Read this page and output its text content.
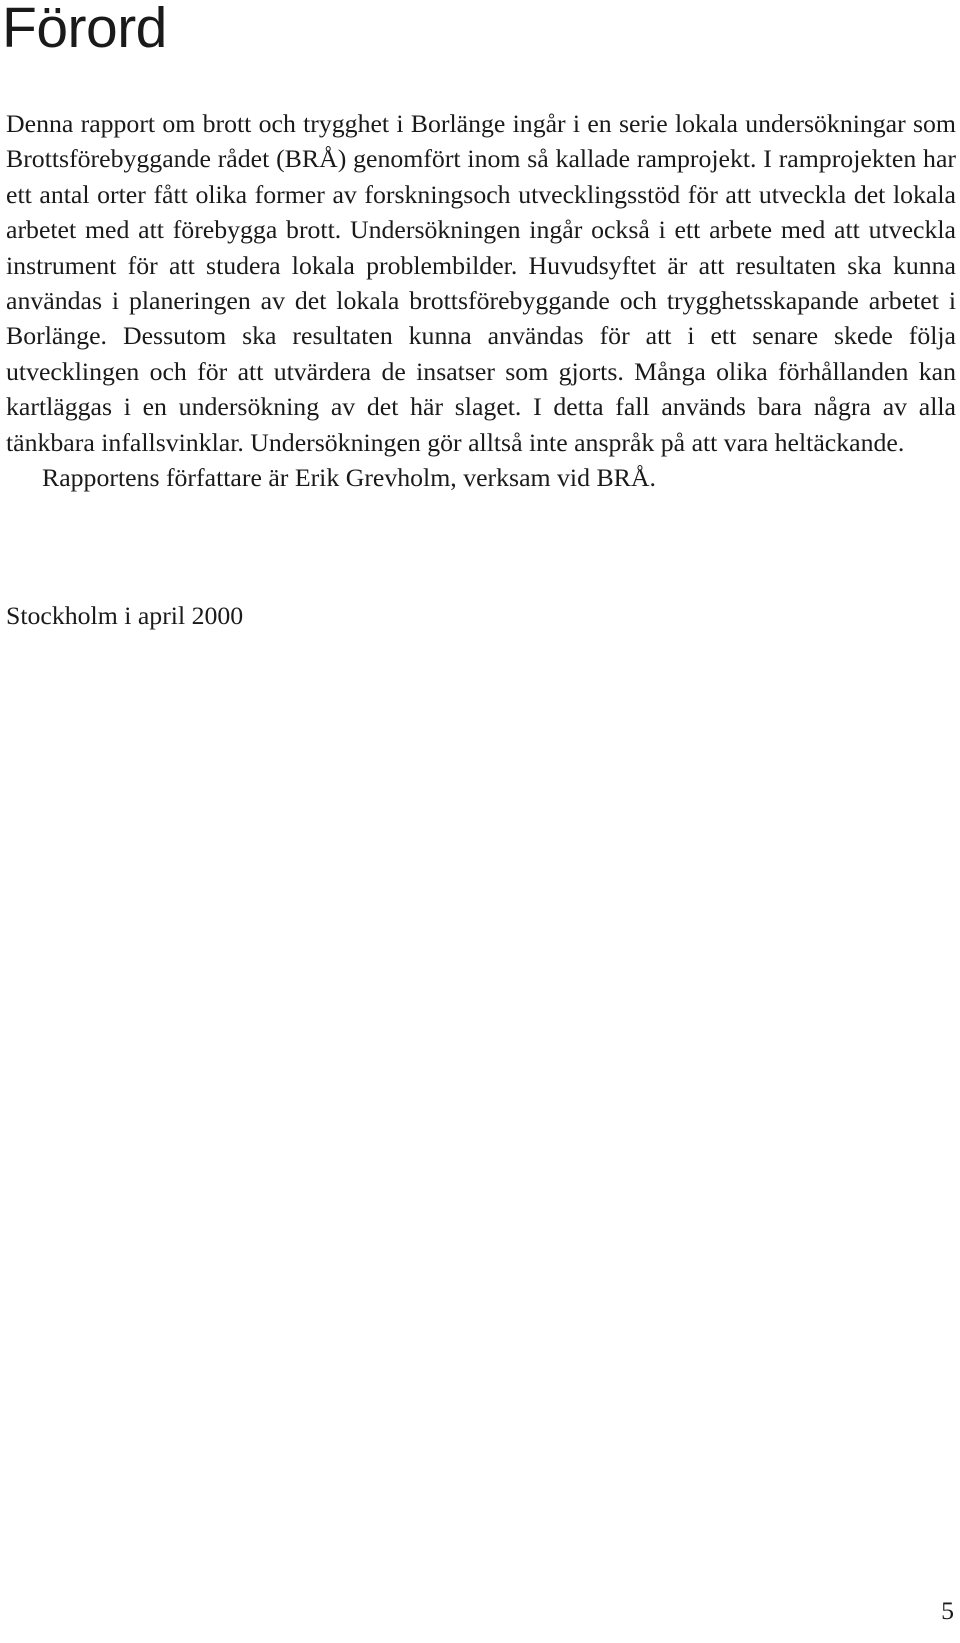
Förord

Denna rapport om brott och trygghet i Borlänge ingår i en serie lokala undersökningar som Brottsförebyggande rådet (BRÅ) genomfört inom så kallade ramprojekt. I ramprojekten har ett antal orter fått olika former av forskningsoch utvecklingsstöd för att utveckla det lokala arbetet med att förebygga brott. Undersökningen ingår också i ett arbete med att utveckla instrument för att studera lokala problembilder. Huvudsyftet är att resultaten ska kunna användas i planeringen av det lokala brottsförebyggande och trygghetsskapande arbetet i Borlänge. Dessutom ska resultaten kunna användas för att i ett senare skede följa utvecklingen och för att utvärdera de insatser som gjorts. Många olika förhållanden kan kartläggas i en undersökning av det här slaget. I detta fall används bara några av alla tänkbara infallsvinklar. Undersökningen gör alltså inte anspråk på att vara heltäckande.

Rapportens författare är Erik Grevholm, verksam vid BRÅ.

Stockholm i april 2000

5
